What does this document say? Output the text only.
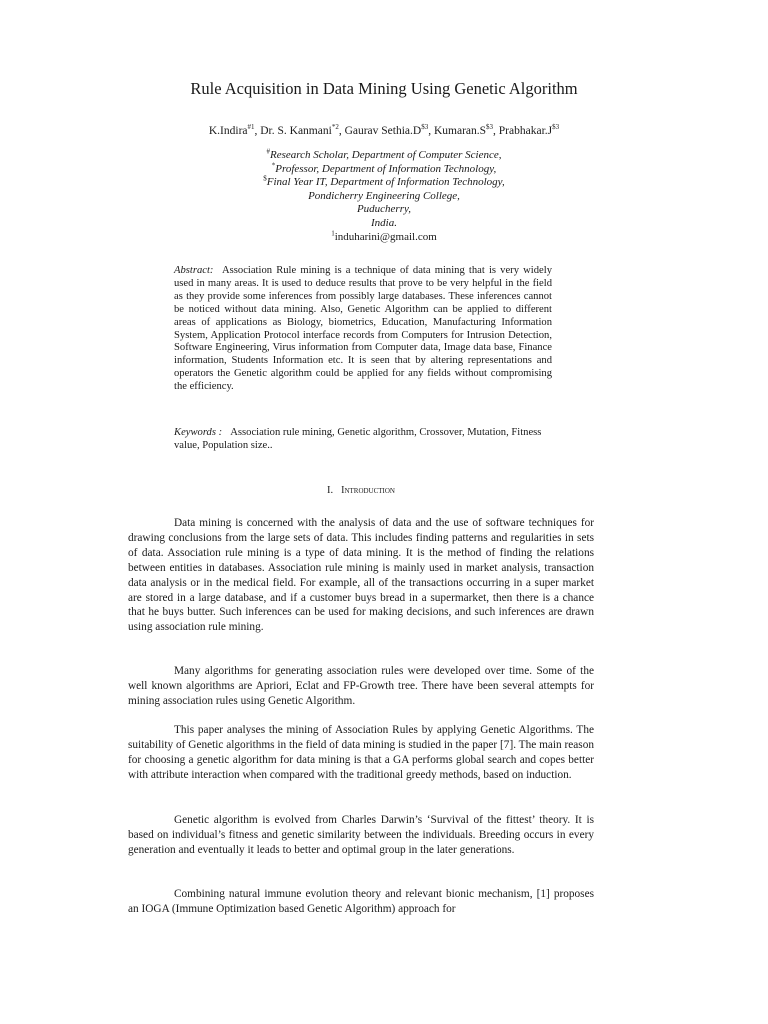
Rule Acquisition in Data Mining Using Genetic Algorithm
K.Indira$^{\#1}$, Dr. S. Kanmani$^{*2}$, Gaurav $Sethia.D^{\$3}$, $Kumaran.S^{\$3}$, $Prabhakar.J^{\$3}$
#Research Scholar, Department of Computer Science,
*Professor, Department of Information Technology,
$Final Year IT, Department of Information Technology,
Pondicherry Engineering College,
Puducherry,
India.
$^1$induharini@gmail.com
Abstract: Association Rule mining is a technique of data mining that is very widely used in many areas. It is used to deduce results that prove to be very helpful in the field as they provide some inferences from possibly large databases. These inferences cannot be noticed without data mining. Also, Genetic Algorithm can be applied to different areas of applications as Biology, biometrics, Education, Manufacturing Information System, Application Protocol interface records from Computers for Intrusion Detection, Software Engineering, Virus information from Computer data, Image data base, Finance information, Students Information etc. It is seen that by altering representations and operators the Genetic algorithm could be applied for any fields without compromising the efficiency.
Keywords : Association rule mining, Genetic algorithm, Crossover, Mutation, Fitness value, Population size..
I. Introduction

Data mining is concerned with the analysis of data and the use of software techniques for drawing conclusions from the large sets of data. This includes finding patterns and regularities in sets of data. Association rule mining is a type of data mining. It is the method of finding the relations between entities in databases. Association rule mining is mainly used in market analysis, transaction data analysis or in the medical field. For example, all of the transactions occurring in a super market are stored in a large database, and if a customer buys bread in a supermarket, then there is a chance that he buys butter. Such inferences can be used for making decisions, and such inferences are drawn using association rule mining.

Many algorithms for generating association rules were developed over time. Some of the well known algorithms are Apriori, Eclat and FP-Growth tree. There have been several attempts for mining association rules using Genetic Algorithm.

This paper analyses the mining of Association Rules by applying Genetic Algorithms. The suitability of Genetic algorithms in the field of data mining is studied in the paper [7]. The main reason for choosing a genetic algorithm for data mining is that a GA performs global search and copes better with attribute interaction when compared with the traditional greedy methods, based on induction.

Genetic algorithm is evolved from Charles Darwin’s ‘Survival of the fittest’ theory. It is based on individual’s fitness and genetic similarity between the individuals. Breeding occurs in every generation and eventually it leads to better and optimal group in the later generations.

Combining natural immune evolution theory and relevant bionic mechanism, [1] proposes an IOGA (Immune Optimization based Genetic Algorithm) approach for
